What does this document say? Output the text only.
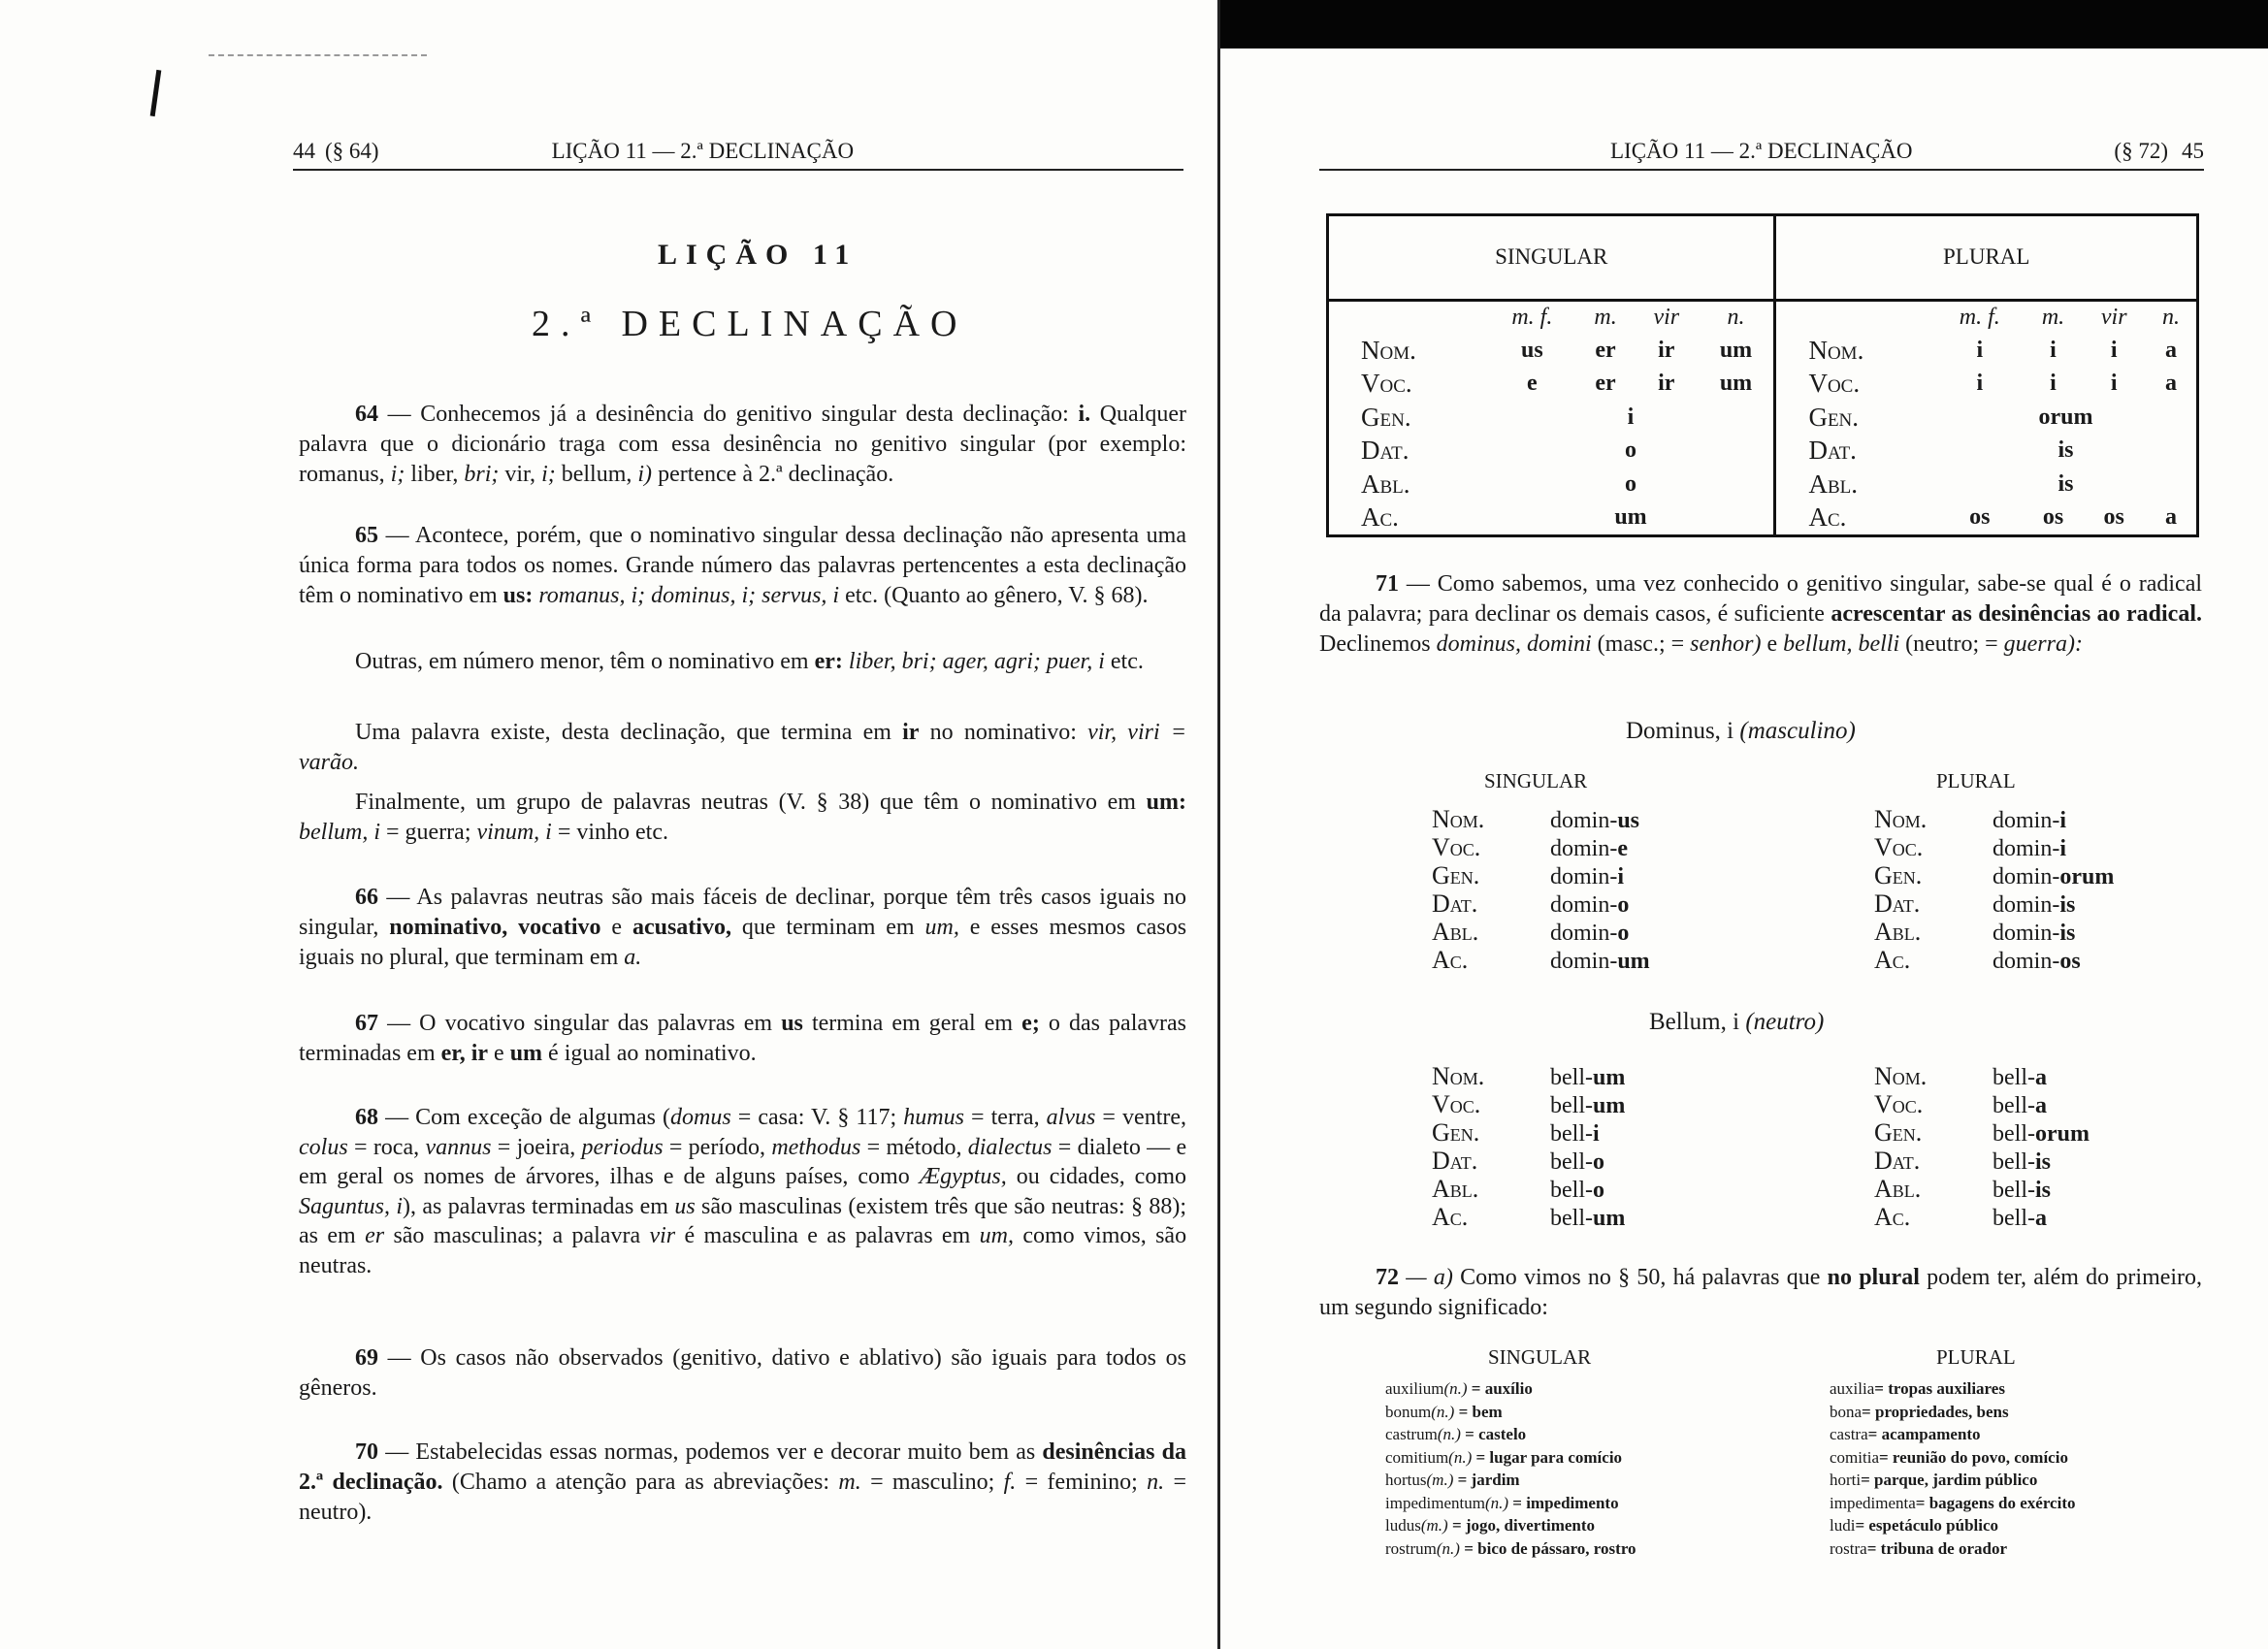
44 (§ 64)	LIÇÃO 11 — 2.ª DECLINAÇÃO
LIÇÃO 11
2.ª DECLINAÇÃO
64 — Conhecemos já a desinência do genitivo singular desta declinação: i. Qualquer palavra que o dicionário traga com essa desinência no genitivo singular (por exemplo: romanus, i; liber, bri; vir, i; bellum, i) pertence à 2.ª declinação.
65 — Acontece, porém, que o nominativo singular dessa declinação não apresenta uma única forma para todos os nomes. Grande número das palavras pertencentes a esta declinação têm o nominativo em us: romanus, i; dominus, i; servus, i etc. (Quanto ao gênero, V. § 68).
Outras, em número menor, têm o nominativo em er: liber, bri; ager, agri; puer, i etc.
Uma palavra existe, desta declinação, que termina em ir no nominativo: vir, viri = varão.
Finalmente, um grupo de palavras neutras (V. § 38) que têm o nominativo em um: bellum, i = guerra; vinum, i = vinho etc.
66 — As palavras neutras são mais fáceis de declinar, porque têm três casos iguais no singular, nominativo, vocativo e acusativo, que terminam em um, e esses mesmos casos iguais no plural, que terminam em a.
67 — O vocativo singular das palavras em us termina em geral em e; o das palavras terminadas em er, ir e um é igual ao nominativo.
68 — Com exceção de algumas (domus = casa: V. § 117; humus = terra, alvus = ventre, colus = roca, vannus = joeira, periodus = período, methodus = método, dialectus = dialeto — e em geral os nomes de árvores, ilhas e de alguns países, como Ægyptus, ou cidades, como Saguntus, i), as palavras terminadas em us são masculinas (existem três que são neutras: § 88); as em er são masculinas; a palavra vir é masculina e as palavras em um, como vimos, são neutras.
69 — Os casos não observados (genitivo, dativo e ablativo) são iguais para todos os gêneros.
70 — Estabelecidas essas normas, podemos ver e decorar muito bem as desinências da 2.ª declinação. (Chamo a atenção para as abreviações: m. = masculino; f. = feminino; n. = neutro).
LIÇÃO 11 — 2.ª DECLINAÇÃO	(§ 72) 45
SINGULAR					PLURAL				
	m. f.	m.	vir	n.		m. f.	m.	vir	n.
Nom.	us	er	ir	um	Nom.	i	i	i	a
Voc.	e	er	ir	um	Voc.	i	i	i	a
Gen.	i				Gen.	orum			
Dat.	o				Dat.	is			
Abl.	o				Abl.	is			
Ac.	um				Ac.	os	os	os	a
71 — Como sabemos, uma vez conhecido o genitivo singular, sabe-se qual é o radical da palavra; para declinar os demais casos, é suficiente acrescentar as desinências ao radical. Declinemos dominus, domini (masc.; = senhor) e bellum, belli (neutro; = guerra):
Dominus, i (masculino)
SINGULAR	PLURAL
Nom.	domin-us	Nom.	domin-i
Voc.	domin-e	Voc.	domin-i
Gen.	domin-i	Gen.	domin-orum
Dat.	domin-o	Dat.	domin-is
Abl.	domin-o	Abl.	domin-is
Ac.	domin-um	Ac.	domin-os
Bellum, i (neutro)
Nom.	bell-um	Nom.	bell-a
Voc.	bell-um	Voc.	bell-a
Gen.	bell-i	Gen.	bell-orum
Dat.	bell-o	Dat.	bell-is
Abl.	bell-o	Abl.	bell-is
Ac.	bell-um	Ac.	bell-a
72 — a) Como vimos no § 50, há palavras que no plural podem ter, além do primeiro, um segundo significado:
SINGULAR	PLURAL
auxilium(n.) = auxílio	auxilia= tropas auxiliares
bonum(n.) = bem	bona= propriedades, bens
castrum(n.) = castelo	castra= acampamento
comitium(n.) = lugar para comício	comitia= reunião do povo, comício
hortus(m.) = jardim	horti= parque, jardim público
impedimentum(n.) = impedimento	impedimenta= bagagens do exército
ludus(m.) = jogo, divertimento	ludi= espetáculo público
rostrum(n.) = bico de pássaro, rostro	rostra= tribuna de orador
